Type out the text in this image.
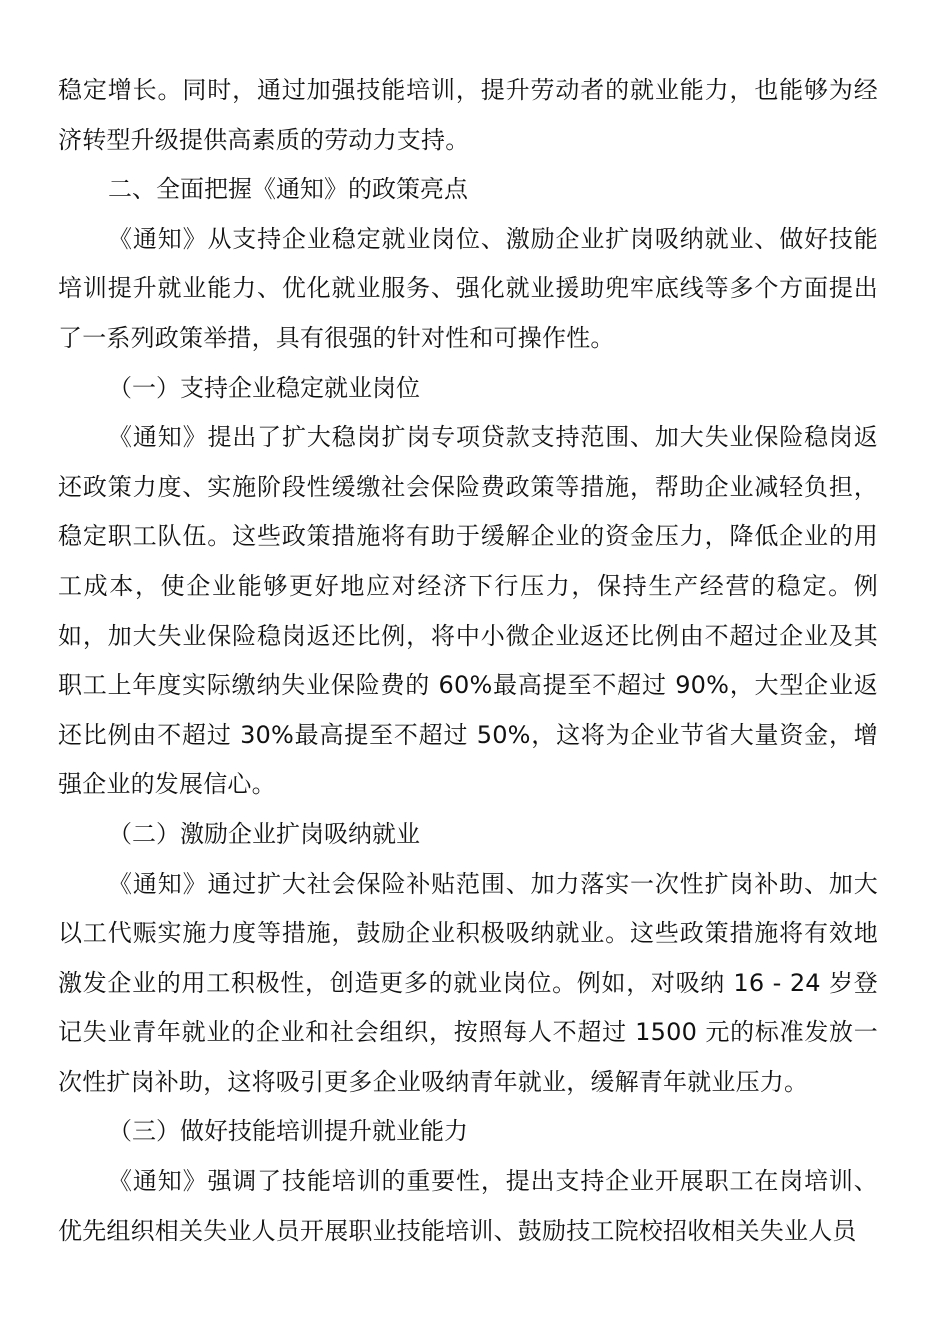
稳定增长。同时，通过加强技能培训，提升劳动者的就业能力，也能够为经济转型升级提供高素质的劳动力支持。

二、全面把握《通知》的政策亮点

《通知》从支持企业稳定就业岗位、激励企业扩岗吸纳就业、做好技能培训提升就业能力、优化就业服务、强化就业援助兜牢底线等多个方面提出了一系列政策举措，具有很强的针对性和可操作性。

（一）支持企业稳定就业岗位

《通知》提出了扩大稳岗扩岗专项贷款支持范围、加大失业保险稳岗返还政策力度、实施阶段性缓缴社会保险费政策等措施，帮助企业减轻负担，稳定职工队伍。这些政策措施将有助于缓解企业的资金压力，降低企业的用工成本，使企业能够更好地应对经济下行压力，保持生产经营的稳定。例如，加大失业保险稳岗返还比例，将中小微企业返还比例由不超过企业及其职工上年度实际缴纳失业保险费的 60%最高提至不超过 90%，大型企业返还比例由不超过 30%最高提至不超过 50%，这将为企业节省大量资金，增强企业的发展信心。

（二）激励企业扩岗吸纳就业

《通知》通过扩大社会保险补贴范围、加力落实一次性扩岗补助、加大以工代赈实施力度等措施，鼓励企业积极吸纳就业。这些政策措施将有效地激发企业的用工积极性，创造更多的就业岗位。例如，对吸纳 16 - 24 岁登记失业青年就业的企业和社会组织，按照每人不超过 1500 元的标准发放一次性扩岗补助，这将吸引更多企业吸纳青年就业，缓解青年就业压力。

（三）做好技能培训提升就业能力

《通知》强调了技能培训的重要性，提出支持企业开展职工在岗培训、优先组织相关失业人员开展职业技能培训、鼓励技工院校招收相关失业人员
